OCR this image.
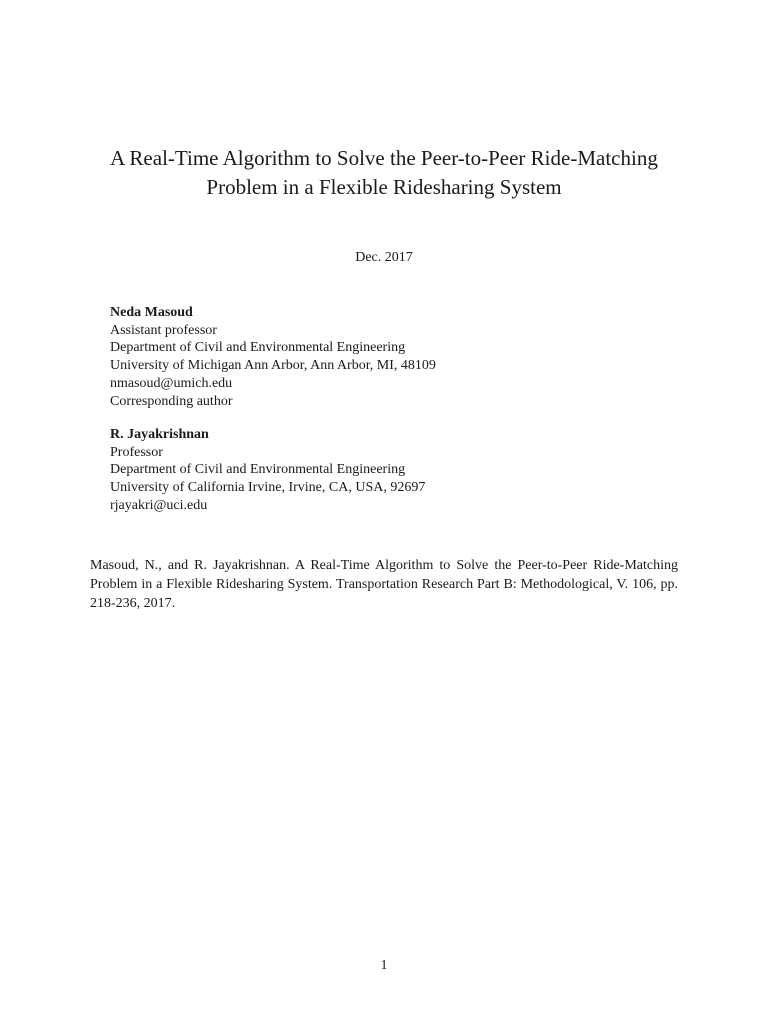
A Real-Time Algorithm to Solve the Peer-to-Peer Ride-Matching
Problem in a Flexible Ridesharing System
Dec. 2017
Neda Masoud
Assistant professor
Department of Civil and Environmental Engineering
University of Michigan Ann Arbor, Ann Arbor, MI, 48109
nmasoud@umich.edu
Corresponding author
R. Jayakrishnan
Professor
Department of Civil and Environmental Engineering
University of California Irvine, Irvine, CA, USA, 92697
rjayakri@uci.edu

Masoud, N., and R. Jayakrishnan. A Real-Time Algorithm to Solve the Peer-to-Peer Ride-Matching Problem in a Flexible Ridesharing System. Transportation Research Part B: Methodological, V. 106, pp. 218-236, 2017.

1
